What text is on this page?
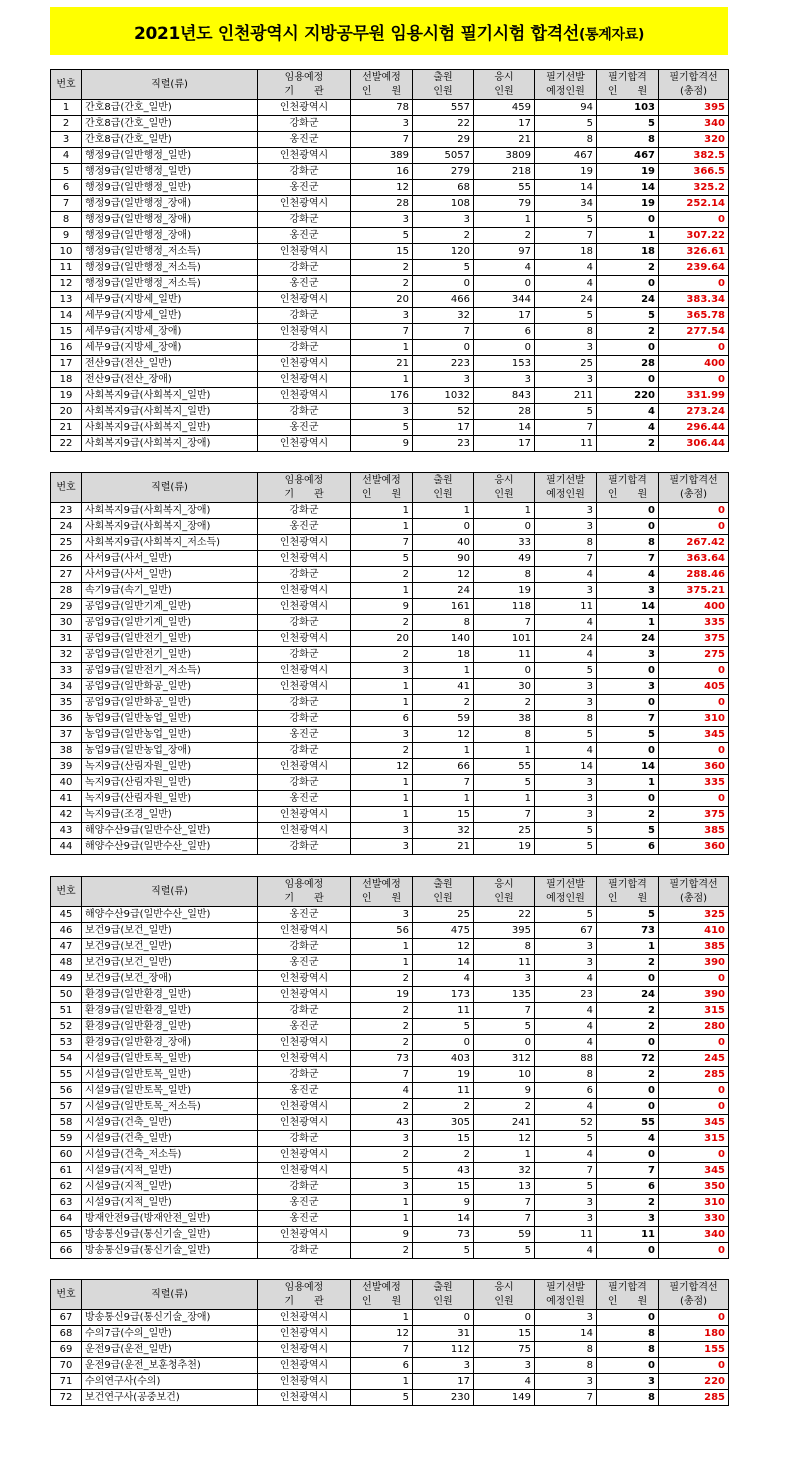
2021년도 인천광역시 지방공무원 임용시험 필기시험 합격선(통계자료)
번호	직렬(류)	임용예정	선발예정	출원	응시	필기선발	필기합격	필기합격선
		기　　관	인　　원	인원	인원	예정인원	인　　원	(총점)
1	간호8급(간호_일반)	인천광역시	78	557	459	94	103	395
2	간호8급(간호_일반)	강화군	3	22	17	5	5	340
3	간호8급(간호_일반)	옹진군	7	29	21	8	8	320
4	행정9급(일반행정_일반)	인천광역시	389	5057	3809	467	467	382.5
5	행정9급(일반행정_일반)	강화군	16	279	218	19	19	366.5
6	행정9급(일반행정_일반)	옹진군	12	68	55	14	14	325.2
7	행정9급(일반행정_장애)	인천광역시	28	108	79	34	19	252.14
8	행정9급(일반행정_장애)	강화군	3	3	1	5	0	0
9	행정9급(일반행정_장애)	옹진군	5	2	2	7	1	307.22
10	행정9급(일반행정_저소득)	인천광역시	15	120	97	18	18	326.61
11	행정9급(일반행정_저소득)	강화군	2	5	4	4	2	239.64
12	행정9급(일반행정_저소득)	옹진군	2	0	0	4	0	0
13	세무9급(지방세_일반)	인천광역시	20	466	344	24	24	383.34
14	세무9급(지방세_일반)	강화군	3	32	17	5	5	365.78
15	세무9급(지방세_장애)	인천광역시	7	7	6	8	2	277.54
16	세무9급(지방세_장애)	강화군	1	0	0	3	0	0
17	전산9급(전산_일반)	인천광역시	21	223	153	25	28	400
18	전산9급(전산_장애)	인천광역시	1	3	3	3	0	0
19	사회복지9급(사회복지_일반)	인천광역시	176	1032	843	211	220	331.99
20	사회복지9급(사회복지_일반)	강화군	3	52	28	5	4	273.24
21	사회복지9급(사회복지_일반)	옹진군	5	17	14	7	4	296.44
22	사회복지9급(사회복지_장애)	인천광역시	9	23	17	11	2	306.44
번호	직렬(류)	임용예정	선발예정	출원	응시	필기선발	필기합격	필기합격선
		기　　관	인　　원	인원	인원	예정인원	인　　원	(총점)
23	사회복지9급(사회복지_장애)	강화군	1	1	1	3	0	0
24	사회복지9급(사회복지_장애)	옹진군	1	0	0	3	0	0
25	사회복지9급(사회복지_저소득)	인천광역시	7	40	33	8	8	267.42
26	사서9급(사서_일반)	인천광역시	5	90	49	7	7	363.64
27	사서9급(사서_일반)	강화군	2	12	8	4	4	288.46
28	속기9급(속기_일반)	인천광역시	1	24	19	3	3	375.21
29	공업9급(일반기계_일반)	인천광역시	9	161	118	11	14	400
30	공업9급(일반기계_일반)	강화군	2	8	7	4	1	335
31	공업9급(일반전기_일반)	인천광역시	20	140	101	24	24	375
32	공업9급(일반전기_일반)	강화군	2	18	11	4	3	275
33	공업9급(일반전기_저소득)	인천광역시	3	1	0	5	0	0
34	공업9급(일반화공_일반)	인천광역시	1	41	30	3	3	405
35	공업9급(일반화공_일반)	강화군	1	2	2	3	0	0
36	농업9급(일반농업_일반)	강화군	6	59	38	8	7	310
37	농업9급(일반농업_일반)	옹진군	3	12	8	5	5	345
38	농업9급(일반농업_장애)	강화군	2	1	1	4	0	0
39	녹지9급(산림자원_일반)	인천광역시	12	66	55	14	14	360
40	녹지9급(산림자원_일반)	강화군	1	7	5	3	1	335
41	녹지9급(산림자원_일반)	옹진군	1	1	1	3	0	0
42	녹지9급(조경_일반)	인천광역시	1	15	7	3	2	375
43	해양수산9급(일반수산_일반)	인천광역시	3	32	25	5	5	385
44	해양수산9급(일반수산_일반)	강화군	3	21	19	5	6	360
번호	직렬(류)	임용예정	선발예정	출원	응시	필기선발	필기합격	필기합격선
		기　　관	인　　원	인원	인원	예정인원	인　　원	(총점)
45	해양수산9급(일반수산_일반)	옹진군	3	25	22	5	5	325
46	보건9급(보건_일반)	인천광역시	56	475	395	67	73	410
47	보건9급(보건_일반)	강화군	1	12	8	3	1	385
48	보건9급(보건_일반)	옹진군	1	14	11	3	2	390
49	보건9급(보건_장애)	인천광역시	2	4	3	4	0	0
50	환경9급(일반환경_일반)	인천광역시	19	173	135	23	24	390
51	환경9급(일반환경_일반)	강화군	2	11	7	4	2	315
52	환경9급(일반환경_일반)	옹진군	2	5	5	4	2	280
53	환경9급(일반환경_장애)	인천광역시	2	0	0	4	0	0
54	시설9급(일반토목_일반)	인천광역시	73	403	312	88	72	245
55	시설9급(일반토목_일반)	강화군	7	19	10	8	2	285
56	시설9급(일반토목_일반)	옹진군	4	11	9	6	0	0
57	시설9급(일반토목_저소득)	인천광역시	2	2	2	4	0	0
58	시설9급(건축_일반)	인천광역시	43	305	241	52	55	345
59	시설9급(건축_일반)	강화군	3	15	12	5	4	315
60	시설9급(건축_저소득)	인천광역시	2	2	1	4	0	0
61	시설9급(지적_일반)	인천광역시	5	43	32	7	7	345
62	시설9급(지적_일반)	강화군	3	15	13	5	6	350
63	시설9급(지적_일반)	옹진군	1	9	7	3	2	310
64	방재안전9급(방재안전_일반)	옹진군	1	14	7	3	3	330
65	방송통신9급(통신기술_일반)	인천광역시	9	73	59	11	11	340
66	방송통신9급(통신기술_일반)	강화군	2	5	5	4	0	0
번호	직렬(류)	임용예정	선발예정	출원	응시	필기선발	필기합격	필기합격선
		기　　관	인　　원	인원	인원	예정인원	인　　원	(총점)
67	방송통신9급(통신기술_장애)	인천광역시	1	0	0	3	0	0
68	수의7급(수의_일반)	인천광역시	12	31	15	14	8	180
69	운전9급(운전_일반)	인천광역시	7	112	75	8	8	155
70	운전9급(운전_보훈청추천)	인천광역시	6	3	3	8	0	0
71	수의연구사(수의)	인천광역시	1	17	4	3	3	220
72	보건연구사(공중보건)	인천광역시	5	230	149	7	8	285
